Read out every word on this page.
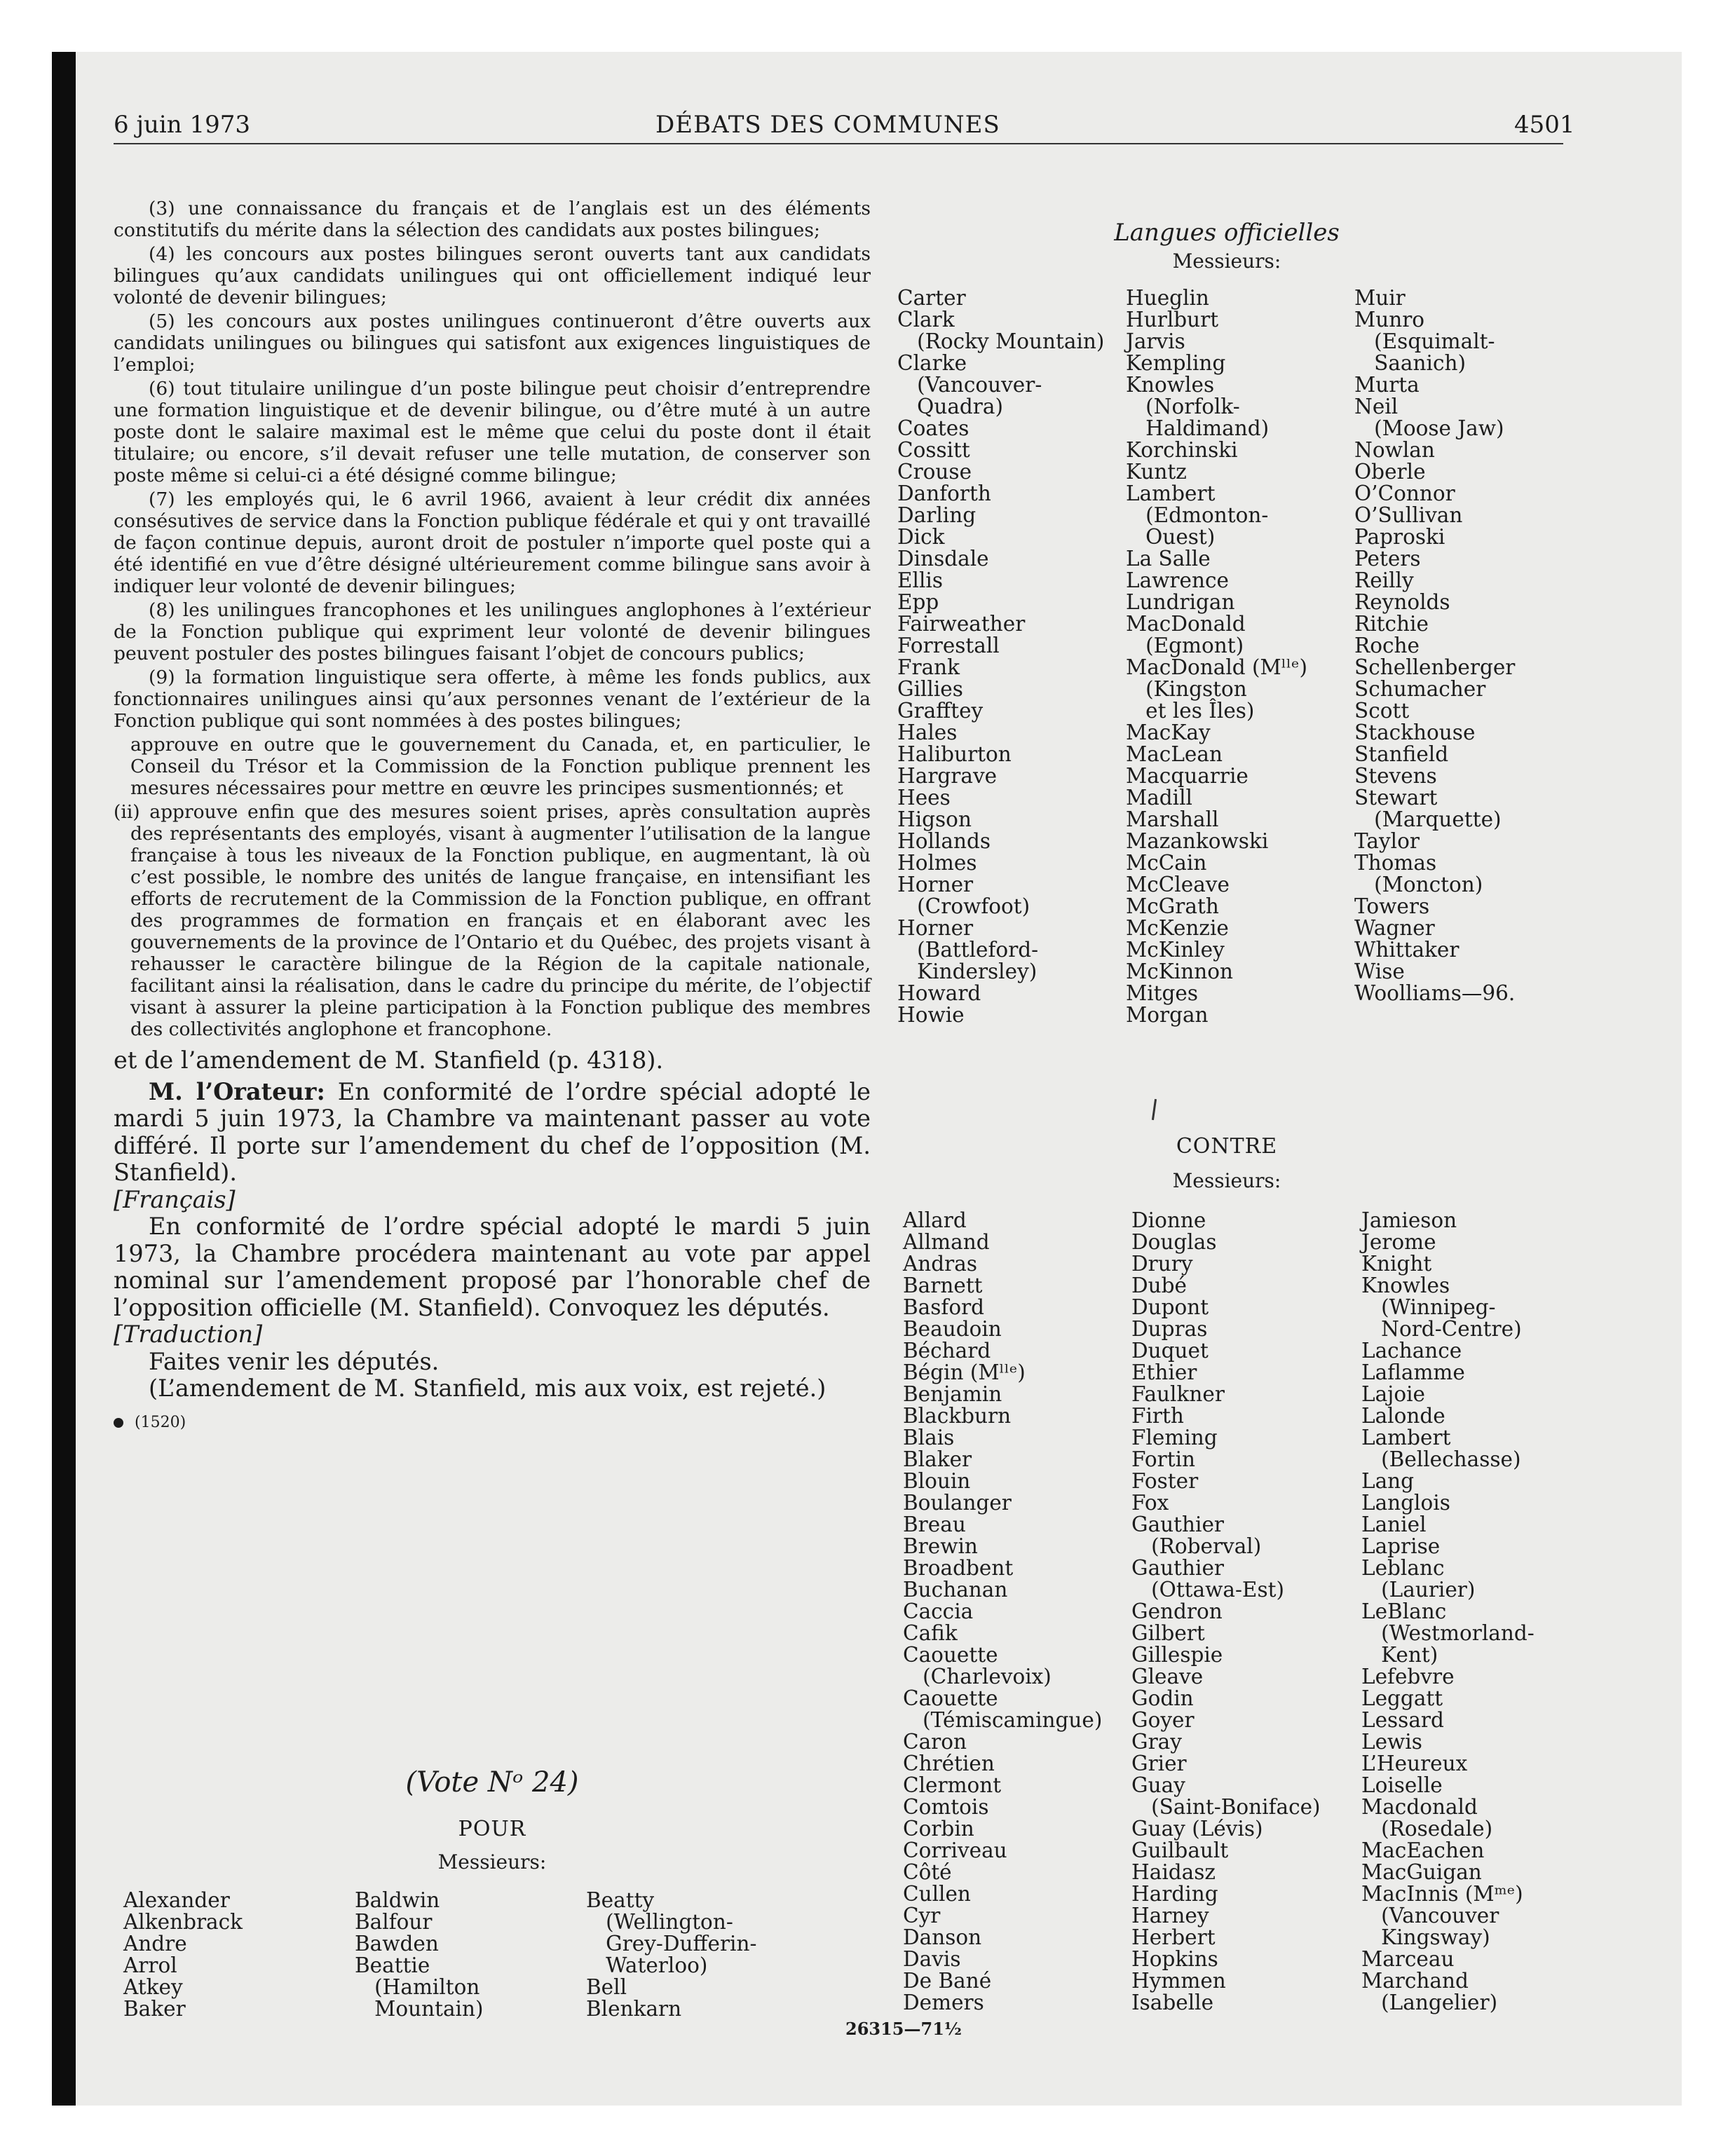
6 juin 1973	DÉBATS DES COMMUNES	4501

(3) une connaissance du français et de l’anglais est un des éléments constitutifs du mérite dans la sélection des candidats aux postes bilingues;

(4) les concours aux postes bilingues seront ouverts tant aux candidats bilingues qu’aux candidats unilingues qui ont officiellement indiqué leur volonté de devenir bilingues;

(5) les concours aux postes unilingues continueront d’être ouverts aux candidats unilingues ou bilingues qui satisfont aux exigences linguistiques de l’emploi;

(6) tout titulaire unilingue d’un poste bilingue peut choisir d’entreprendre une formation linguistique et de devenir bilingue, ou d’être muté à un autre poste dont le salaire maximal est le même que celui du poste dont il était titulaire; ou encore, s’il devait refuser une telle mutation, de conserver son poste même si celui-ci a été désigné comme bilingue;

(7) les employés qui, le 6 avril 1966, avaient à leur crédit dix années consésutives de service dans la Fonction publique fédérale et qui y ont travaillé de façon continue depuis, auront droit de postuler n’importe quel poste qui a été identifié en vue d’être désigné ultérieurement comme bilingue sans avoir à indiquer leur volonté de devenir bilingues;

(8) les unilingues francophones et les unilingues anglophones à l’extérieur de la Fonction publique qui expriment leur volonté de devenir bilingues peuvent postuler des postes bilingues faisant l’objet de concours publics;

(9) la formation linguistique sera offerte, à même les fonds publics, aux fonctionnaires unilingues ainsi qu’aux personnes venant de l’extérieur de la Fonction publique qui sont nommées à des postes bilingues;

approuve en outre que le gouvernement du Canada, et, en particulier, le Conseil du Trésor et la Commission de la Fonction publique prennent les mesures nécessaires pour mettre en œuvre les principes susmentionnés; et

(ii) approuve enfin que des mesures soient prises, après consultation auprès des représentants des employés, visant à augmenter l’utilisation de la langue française à tous les niveaux de la Fonction publique, en augmentant, là où c’est possible, le nombre des unités de langue française, en intensifiant les efforts de recrutement de la Commission de la Fonction publique, en offrant des programmes de formation en français et en élaborant avec les gouvernements de la province de l’Ontario et du Québec, des projets visant à rehausser le caractère bilingue de la Région de la capitale nationale, facilitant ainsi la réalisation, dans le cadre du principe du mérite, de l’objectif visant à assurer la pleine participation à la Fonction publique des membres des collectivités anglophone et francophone.

et de l’amendement de M. Stanfield (p. 4318).

M. l’Orateur: En conformité de l’ordre spécial adopté le mardi 5 juin 1973, la Chambre va maintenant passer au vote différé. Il porte sur l’amendement du chef de l’opposition (M. Stanfield).

[Français]

En conformité de l’ordre spécial adopté le mardi 5 juin 1973, la Chambre procédera maintenant au vote par appel nominal sur l’amendement proposé par l’honorable chef de l’opposition officielle (M. Stanfield). Convoquez les députés.

[Traduction]

Faites venir les députés.

(L’amendement de M. Stanfield, mis aux voix, est rejeté.)

(1520)

(Vote Nᵒ 24)
POUR
Messieurs:
Alexander
Alkenbrack
Andre
Arrol
Atkey
Baker
Baldwin
Balfour
Bawden
Beattie
(Hamilton
Mountain)
Beatty
(Wellington-
Grey-Dufferin-
Waterloo)
Bell
Blenkarn
Langues officielles
Messieurs:
Carter
Clark
(Rocky Mountain)
Clarke
(Vancouver-
Quadra)
Coates
Cossitt
Crouse
Danforth
Darling
Dick
Dinsdale
Ellis
Epp
Fairweather
Forrestall
Frank
Gillies
Grafftey
Hales
Haliburton
Hargrave
Hees
Higson
Hollands
Holmes
Horner
(Crowfoot)
Horner
(Battleford-
Kindersley)
Howard
Howie
Hueglin
Hurlburt
Jarvis
Kempling
Knowles
(Norfolk-
Haldimand)
Korchinski
Kuntz
Lambert
(Edmonton-
Ouest)
La Salle
Lawrence
Lundrigan
MacDonald
(Egmont)
MacDonald (Mˡˡᵉ)
(Kingston
et les Îles)
MacKay
MacLean
Macquarrie
Madill
Marshall
Mazankowski
McCain
McCleave
McGrath
McKenzie
McKinley
McKinnon
Mitges
Morgan
Muir
Munro
(Esquimalt-
Saanich)
Murta
Neil
(Moose Jaw)
Nowlan
Oberle
O’Connor
O’Sullivan
Paproski
Peters
Reilly
Reynolds
Ritchie
Roche
Schellenberger
Schumacher
Scott
Stackhouse
Stanfield
Stevens
Stewart
(Marquette)
Taylor
Thomas
(Moncton)
Towers
Wagner
Whittaker
Wise
Woolliams—96.
CONTRE
Messieurs:
Allard
Allmand
Andras
Barnett
Basford
Beaudoin
Béchard
Bégin (Mˡˡᵉ)
Benjamin
Blackburn
Blais
Blaker
Blouin
Boulanger
Breau
Brewin
Broadbent
Buchanan
Caccia
Cafik
Caouette
(Charlevoix)
Caouette
(Témiscamingue)
Caron
Chrétien
Clermont
Comtois
Corbin
Corriveau
Côté
Cullen
Cyr
Danson
Davis
De Bané
Demers
Dionne
Douglas
Drury
Dubé
Dupont
Dupras
Duquet
Ethier
Faulkner
Firth
Fleming
Fortin
Foster
Fox
Gauthier
(Roberval)
Gauthier
(Ottawa-Est)
Gendron
Gilbert
Gillespie
Gleave
Godin
Goyer
Gray
Grier
Guay
(Saint-Boniface)
Guay (Lévis)
Guilbault
Haidasz
Harding
Harney
Herbert
Hopkins
Hymmen
Isabelle
Jamieson
Jerome
Knight
Knowles
(Winnipeg-
Nord-Centre)
Lachance
Laflamme
Lajoie
Lalonde
Lambert
(Bellechasse)
Lang
Langlois
Laniel
Laprise
Leblanc
(Laurier)
LeBlanc
(Westmorland-
Kent)
Lefebvre
Leggatt
Lessard
Lewis
L’Heureux
Loiselle
Macdonald
(Rosedale)
MacEachen
MacGuigan
MacInnis (Mᵐᵉ)
(Vancouver
Kingsway)
Marceau
Marchand
(Langelier)
26315—71½
